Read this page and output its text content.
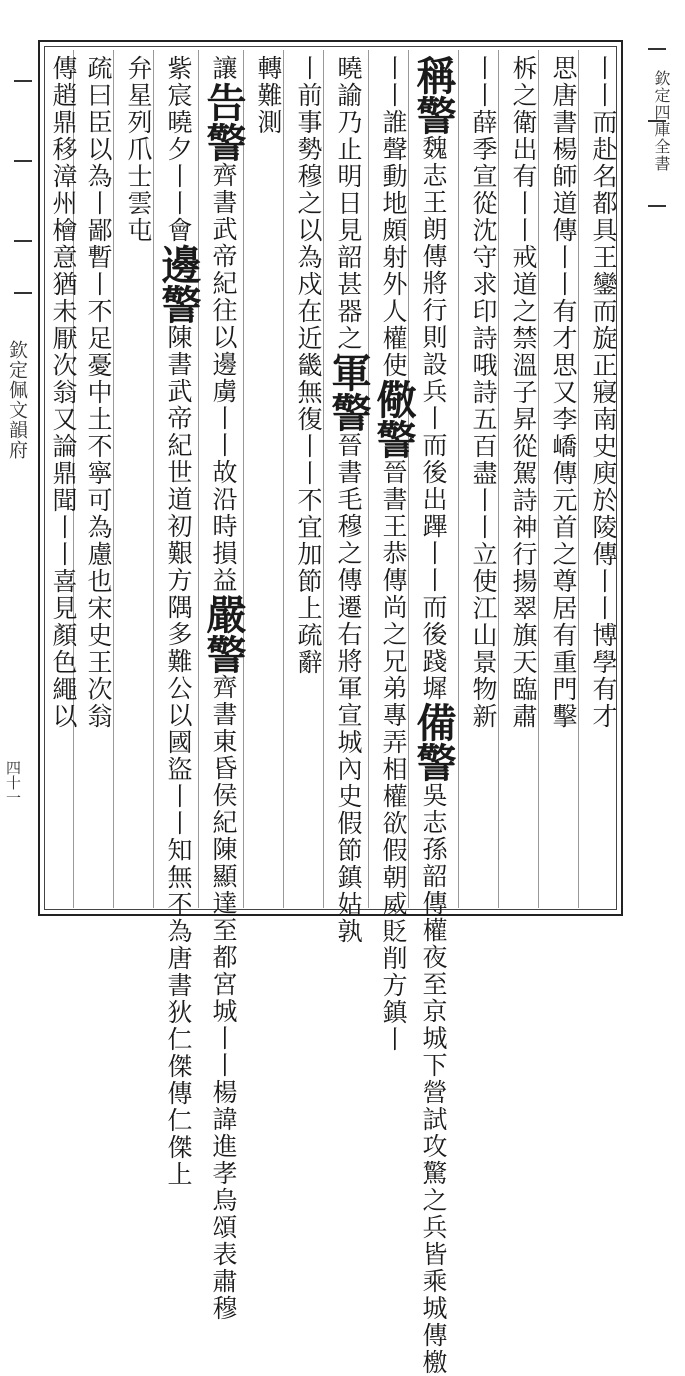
欽定佩文韻府
四十一
欽定四庫全書
丨丨而赴名都具王鑾而旋正寢南史庾於陵傳丨丨博學有才
思唐書楊師道傳丨丨有才思又李嶠傳元首之尊居有重門擊
柝之衛出有丨丨戒道之禁溫子昇從駕詩神行揚翠旗天臨肅
丨丨薛季宣從沈守求印詩哦詩五百盡丨丨立使江山景物新
稱警魏志王朗傳將行則設兵丨而後出蹕丨丨而後踐墀備警吳志孫韶傳權夜至京城下營試攻驚之兵皆乘城傳檄
丨丨誰聲動地頗射外人權使儆警晉書王恭傳尚之兄弟專弄相權欲假朝威貶削方鎮丨
曉諭乃止明日見韶甚器之軍警晉書毛穆之傳遷右將軍宣城內史假節鎮姑孰
丨前事勢穆之以為戍在近畿無復丨丨不宜加節上疏辭
轉難測
讓告警齊書武帝紀往以邊虜丨丨故沿時損益嚴警齊書東昏侯紀陳顯達至都宮城丨丨楊諱進孝烏頌表肅穆
紫宸曉夕丨丨會邊警陳書武帝紀世道初艱方隅多難公以國盜丨丨知無不為唐書狄仁傑傳仁傑上
弁星列爪士雲屯
疏曰臣以為丨鄙暫丨不足憂中土不寧可為慮也宋史王次翁
傳趙鼎移漳州檜意猶未厭次翁又論鼎聞丨丨喜見顏色繩以
